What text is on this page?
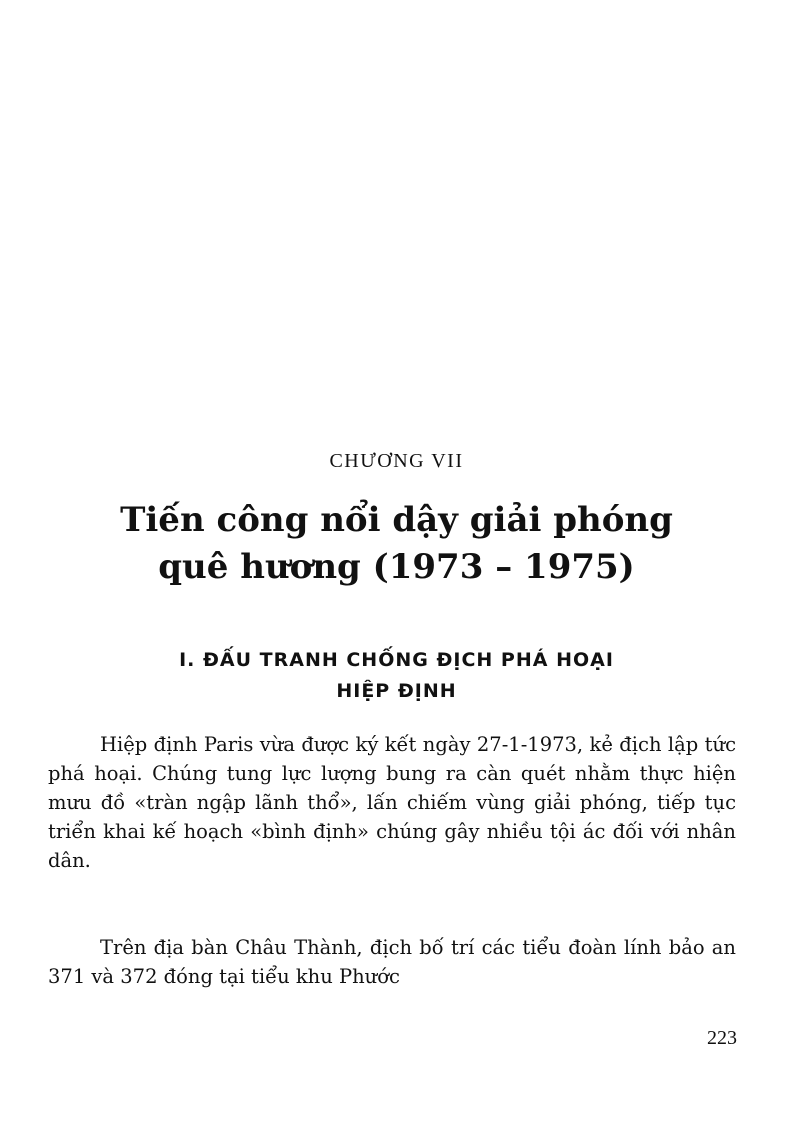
CHƯƠNG VII
Tiến công nổi dậy giải phóng
quê hương (1973 – 1975)
I. ĐẤU TRANH CHỐNG ĐỊCH PHÁ HOẠI
HIỆP ĐỊNH

Hiệp định Paris vừa được ký kết ngày 27-1-1973, kẻ địch lập tức phá hoại. Chúng tung lực lượng bung ra càn quét nhằm thực hiện mưu đồ «tràn ngập lãnh thổ», lấn chiếm vùng giải phóng, tiếp tục triển khai kế hoạch «bình định» chúng gây nhiều tội ác đối với nhân dân.

Trên địa bàn Châu Thành, địch bố trí các tiểu đoàn lính bảo an 371 và 372 đóng tại tiểu khu Phước

223
